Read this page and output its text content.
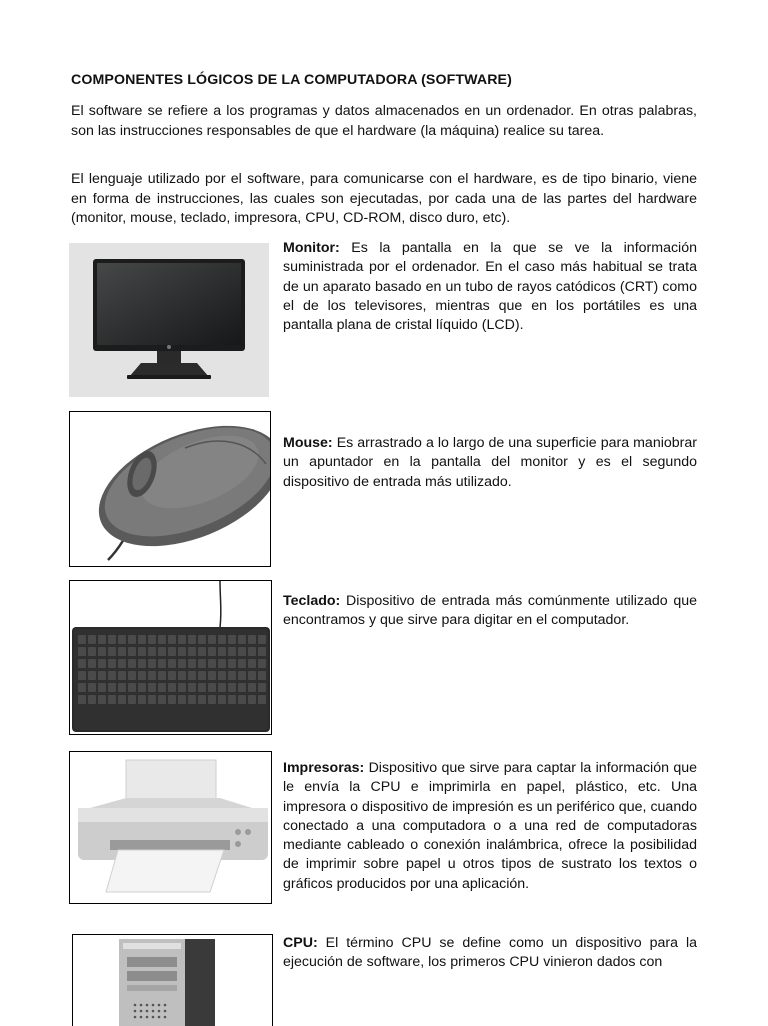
COMPONENTES LÓGICOS DE LA COMPUTADORA (SOFTWARE)

El software se refiere a los programas y datos almacenados en un ordenador. En otras palabras, son las instrucciones responsables de que el hardware (la máquina) realice su tarea.

El lenguaje utilizado por el software, para comunicarse con el hardware, es de tipo binario, viene en forma de instrucciones, las cuales son ejecutadas, por cada una de las partes del hardware (monitor, mouse, teclado, impresora, CPU, CD-ROM, disco duro, etc).

Monitor: Es la pantalla en la que se ve la información suministrada por el ordenador. En el caso más habitual se trata de un aparato basado en un tubo de rayos catódicos (CRT) como el de los televisores, mientras que en los portátiles es una pantalla plana de cristal líquido (LCD).

Mouse: Es arrastrado a lo largo de una superficie para maniobrar un apuntador en la pantalla del monitor y es el segundo dispositivo de entrada más utilizado.

Teclado: Dispositivo de entrada más comúnmente utilizado que encontramos y que sirve para digitar en el computador.

Impresoras: Dispositivo que sirve para captar la información que le envía la CPU e imprimirla en papel, plástico, etc. Una impresora o dispositivo de impresión es un periférico que, cuando conectado a una computadora o a una red de computadoras mediante cableado o conexión inalámbrica, ofrece la posibilidad de imprimir sobre papel u otros tipos de sustrato los textos o gráficos producidos por una aplicación.

CPU: El término CPU se define como un dispositivo para la ejecución de software, los primeros CPU vinieron dados con
